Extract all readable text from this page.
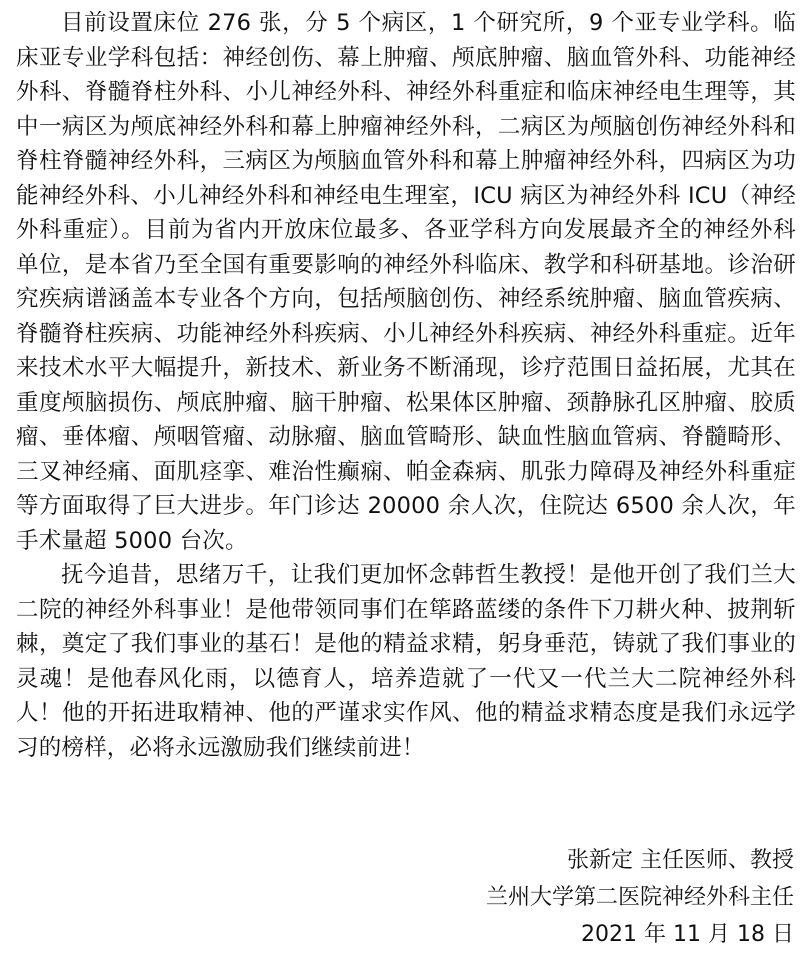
目前设置床位 276 张，分 5 个病区，1 个研究所，9 个亚专业学科。临床亚专业学科包括：神经创伤、幕上肿瘤、颅底肿瘤、脑血管外科、功能神经外科、脊髓脊柱外科、小儿神经外科、神经外科重症和临床神经电生理等，其中一病区为颅底神经外科和幕上肿瘤神经外科，二病区为颅脑创伤神经外科和脊柱脊髓神经外科，三病区为颅脑血管外科和幕上肿瘤神经外科，四病区为功能神经外科、小儿神经外科和神经电生理室，ICU 病区为神经外科 ICU（神经外科重症）。目前为省内开放床位最多、各亚学科方向发展最齐全的神经外科单位，是本省乃至全国有重要影响的神经外科临床、教学和科研基地。诊治研究疾病谱涵盖本专业各个方向，包括颅脑创伤、神经系统肿瘤、脑血管疾病、脊髓脊柱疾病、功能神经外科疾病、小儿神经外科疾病、神经外科重症。近年来技术水平大幅提升，新技术、新业务不断涌现，诊疗范围日益拓展，尤其在重度颅脑损伤、颅底肿瘤、脑干肿瘤、松果体区肿瘤、颈静脉孔区肿瘤、胶质瘤、垂体瘤、颅咽管瘤、动脉瘤、脑血管畸形、缺血性脑血管病、脊髓畸形、三叉神经痛、面肌痉挛、难治性癫痫、帕金森病、肌张力障碍及神经外科重症等方面取得了巨大进步。年门诊达 20000 余人次，住院达 6500 余人次，年手术量超 5000 台次。

抚今追昔，思绪万千，让我们更加怀念韩哲生教授！是他开创了我们兰大二院的神经外科事业！是他带领同事们在筚路蓝缕的条件下刀耕火种、披荆斩棘，奠定了我们事业的基石！是他的精益求精，躬身垂范，铸就了我们事业的灵魂！是他春风化雨，以德育人，培养造就了一代又一代兰大二院神经外科人！他的开拓进取精神、他的严谨求实作风、他的精益求精态度是我们永远学习的榜样，必将永远激励我们继续前进！

张新定 主任医师、教授
兰州大学第二医院神经外科主任
2021 年 11 月 18 日
